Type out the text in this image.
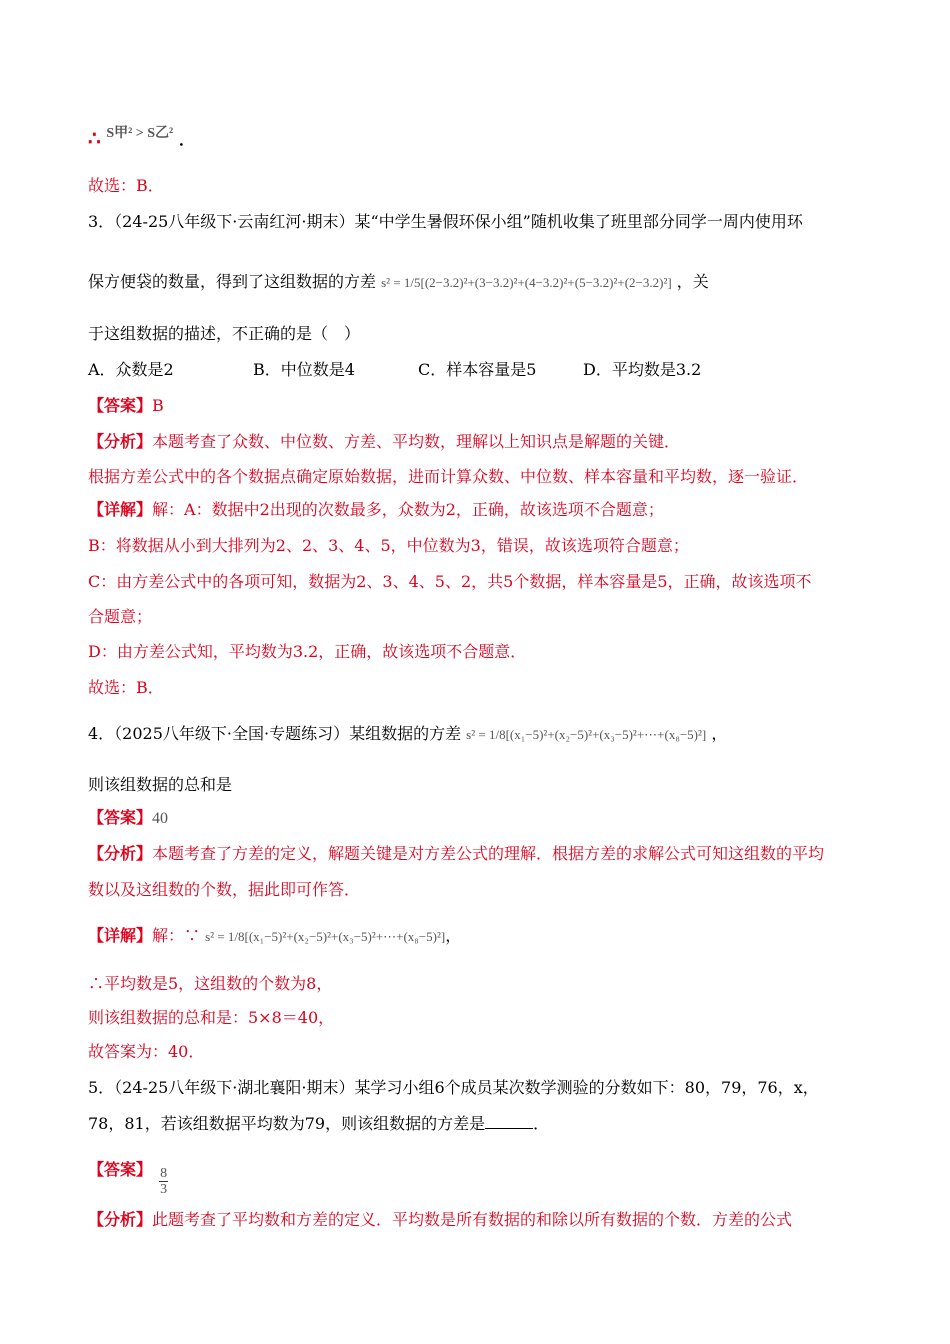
∴ S甲² > S乙² ．
故选：B．
3．（24-25八年级下·云南红河·期末）某“中学生暑假环保小组”随机收集了班里部分同学一周内使用环
保方便袋的数量，得到了这组数据的方差 s² = 1/5[(2−3.2)²+(3−3.2)²+(4−3.2)²+(5−3.2)²+(2−3.2)²] ，关
于这组数据的描述，不正确的是（　）
A．众数是2	B．中位数是4	C．样本容量是5	D．平均数是3.2
【答案】B
【分析】本题考查了众数、中位数、方差、平均数，理解以上知识点是解题的关键．
根据方差公式中的各个数据点确定原始数据，进而计算众数、中位数、样本容量和平均数，逐一验证．
【详解】解：A：数据中2出现的次数最多，众数为2，正确，故该选项不合题意；
B：将数据从小到大排列为2、2、3、4、5，中位数为3，错误，故该选项符合题意；
C：由方差公式中的各项可知，数据为2、3、4、5、2，共5个数据，样本容量是5，正确，故该选项不
合题意；
D：由方差公式知，平均数为3.2，正确，故该选项不合题意．
故选：B．
4．（2025八年级下·全国·专题练习）某组数据的方差 s² = 1/8[(x₁−5)²+(x₂−5)²+(x₃−5)²+⋯+(x₈−5)²] ，
则该组数据的总和是
【答案】40
【分析】本题考查了方差的定义，解题关键是对方差公式的理解．根据方差的求解公式可知这组数的平均
数以及这组数的个数，据此即可作答．
【详解】解：∵ s² = 1/8[(x₁−5)²+(x₂−5)²+(x₃−5)²+⋯+(x₈−5)²]，
∴平均数是5，这组数的个数为8，
则该组数据的总和是：5×8＝40，
故答案为：40．
5．（24-25八年级下·湖北襄阳·期末）某学习小组6个成员某次数学测验的分数如下：80，79，76，x，
78，81，若该组数据平均数为79，则该组数据的方差是	．
【答案】 $\frac{8}{3}$
【分析】此题考查了平均数和方差的定义．平均数是所有数据的和除以所有数据的个数．方差的公式
